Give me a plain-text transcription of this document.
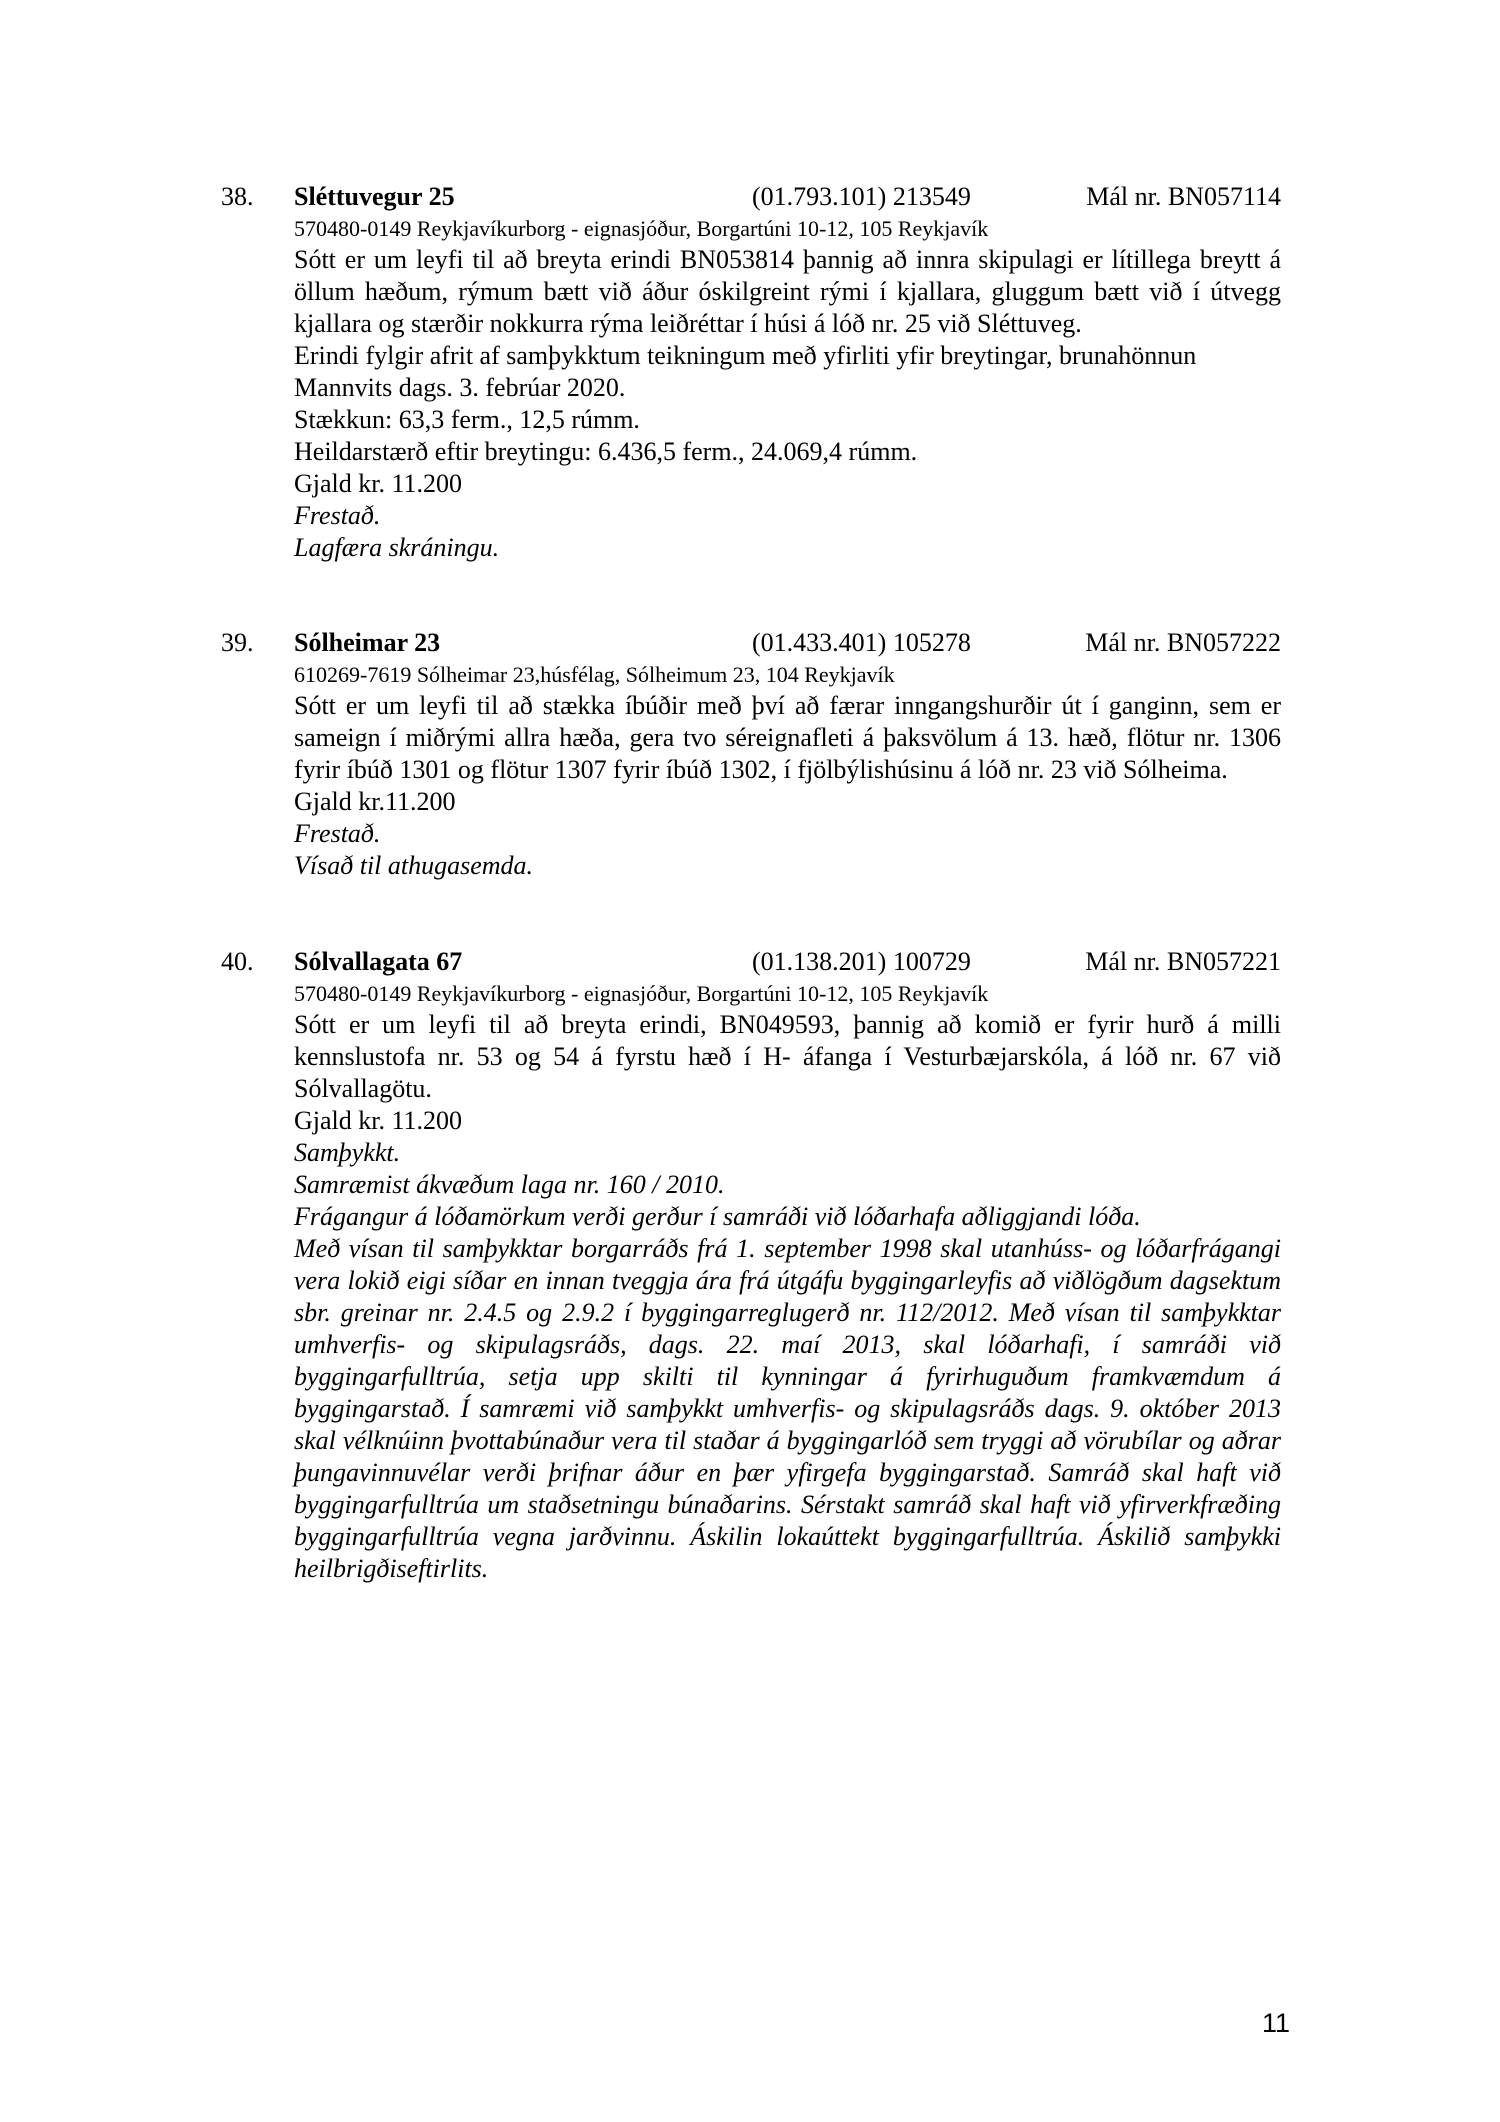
38. Sléttuvegur 25	(01.793.101) 213549	Mál nr. BN057114
570480-0149 Reykjavíkurborg - eignasjóður, Borgartúni 10-12, 105 Reykjavík

Sótt er um leyfi til að breyta erindi BN053814 þannig að innra skipulagi er lítillega breytt á öllum hæðum, rýmum bætt við áður óskilgreint rými í kjallara, gluggum bætt við í útvegg kjallara og stærðir nokkurra rýma leiðréttar í húsi á lóð nr. 25 við Sléttuveg.

Erindi fylgir afrit af samþykktum teikningum með yfirliti yfir breytingar, brunahönnun Mannvits dags. 3. febrúar 2020.

Stækkun: 63,3 ferm., 12,5 rúmm.

Heildarstærð eftir breytingu: 6.436,5 ferm., 24.069,4 rúmm.

Gjald kr. 11.200

Frestað.

Lagfæra skráningu.

39. Sólheimar 23	(01.433.401) 105278	Mál nr. BN057222
610269-7619 Sólheimar 23,húsfélag, Sólheimum 23, 104 Reykjavík

Sótt er um leyfi til að stækka íbúðir með því að færar inngangshurðir út í ganginn, sem er sameign í miðrými allra hæða, gera tvo séreignafleti á þaksvölum á 13. hæð, flötur nr. 1306 fyrir íbúð 1301 og flötur 1307 fyrir íbúð 1302, í fjölbýlishúsinu á lóð nr. 23 við Sólheima.

Gjald kr.11.200

Frestað.

Vísað til athugasemda.

40. Sólvallagata 67	(01.138.201) 100729	Mál nr. BN057221
570480-0149 Reykjavíkurborg - eignasjóður, Borgartúni 10-12, 105 Reykjavík

Sótt er um leyfi til að breyta erindi, BN049593, þannig að komið er fyrir hurð á milli kennslustofa nr. 53 og 54 á fyrstu hæð í H- áfanga í Vesturbæjarskóla, á lóð nr. 67 við Sólvallagötu.

Gjald kr. 11.200

Samþykkt.

Samræmist ákvæðum laga nr. 160 / 2010.

Frágangur á lóðamörkum verði gerður í samráði við lóðarhafa aðliggjandi lóða.

Með vísan til samþykktar borgarráðs frá 1. september 1998 skal utanhúss- og lóðarfrágangi vera lokið eigi síðar en innan tveggja ára frá útgáfu byggingarleyfis að viðlögðum dagsektum sbr. greinar nr. 2.4.5 og 2.9.2 í byggingarreglugerð nr. 112/2012. Með vísan til samþykktar umhverfis- og skipulagsráðs, dags. 22. maí 2013, skal lóðarhafi, í samráði við byggingarfulltrúa, setja upp skilti til kynningar á fyrirhuguðum framkvæmdum á byggingarstað. Í samræmi við samþykkt umhverfis- og skipulagsráðs dags. 9. október 2013 skal vélknúinn þvottabúnaður vera til staðar á byggingarlóð sem tryggi að vörubílar og aðrar þungavinnuvélar verði þrifnar áður en þær yfirgefa byggingarstað. Samráð skal haft við byggingarfulltrúa um staðsetningu búnaðarins. Sérstakt samráð skal haft við yfirverkfræðing byggingarfulltrúa vegna jarðvinnu. Áskilin lokaúttekt byggingarfulltrúa. Áskilið samþykki heilbrigðiseftirlits.

11
